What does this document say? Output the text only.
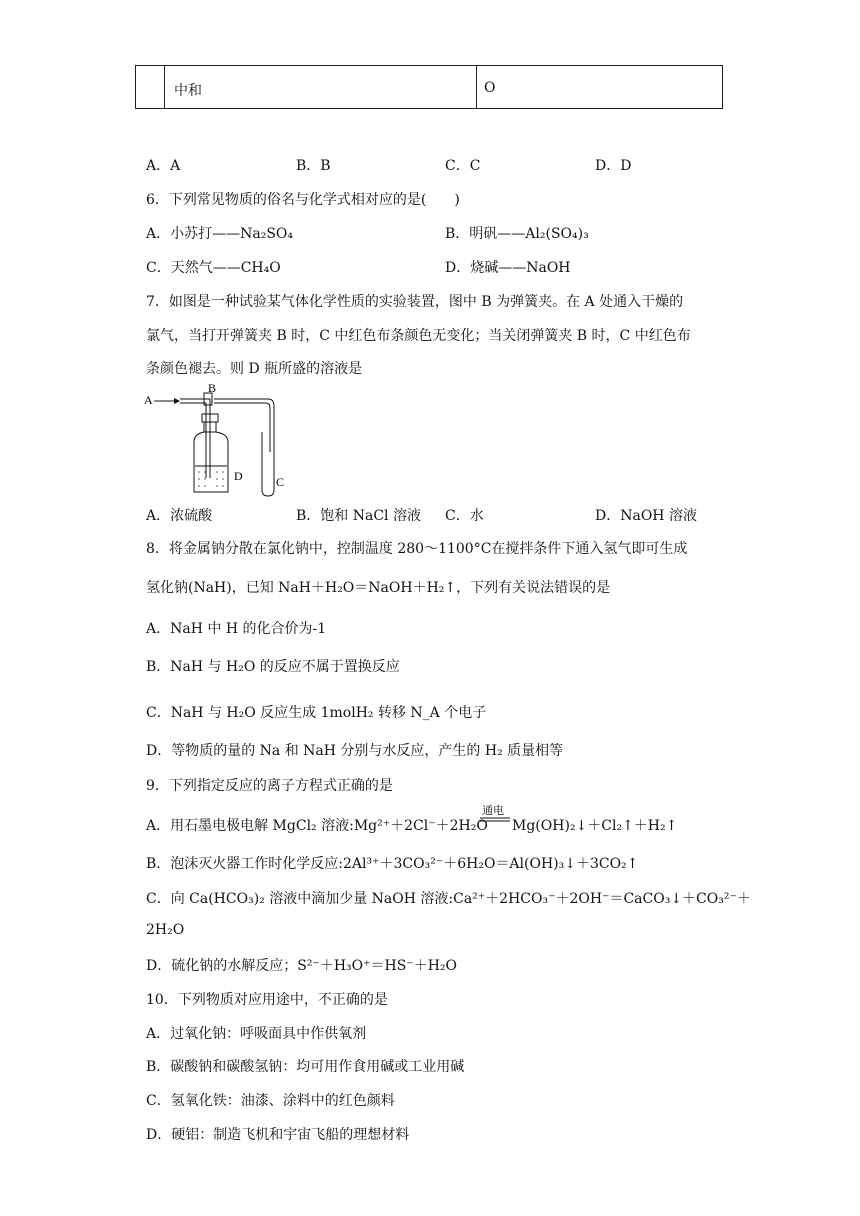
中和	O
A．A	B．B	C．C	D．D
6．下列常见物质的俗名与化学式相对应的是(　　)
A．小苏打——Na₂SO₄	B．明矾——Al₂(SO₄)₃
C．天然气——CH₄O	D．烧碱——NaOH
7．如图是一种试验某气体化学性质的实验装置，图中 B 为弹簧夹。在 A 处通入干燥的
氯气，当打开弹簧夹 B 时，C 中红色布条颜色无变化；当关闭弹簧夹 B 时，C 中红色布
条颜色褪去。则 D 瓶所盛的溶液是
A
B
D	C
A．浓硫酸	B．饱和 NaCl 溶液 C．水	D．NaOH 溶液
8．将金属钠分散在氯化钠中，控制温度 280～1100°C在搅拌条件下通入氢气即可生成
氢化钠(NaH)，已知 NaH＋H₂O＝NaOH＋H₂↑，下列有关说法错误的是
A．NaH 中 H 的化合价为-1
B．NaH 与 H₂O 的反应不属于置换反应
C．NaH 与 H₂O 反应生成 1molH₂ 转移 N_A 个电子
D．等物质的量的 Na 和 NaH 分别与水反应，产生的 H₂ 质量相等
9．下列指定反应的离子方程式正确的是
A．用石墨电极电解 MgCl₂ 溶液:Mg²⁺＋2Cl⁻＋2H₂O
通电
Mg(OH)₂↓＋Cl₂↑＋H₂↑
B．泡沫灭火器工作时化学反应:2Al³⁺＋3CO₃²⁻＋6H₂O＝Al(OH)₃↓＋3CO₂↑
C．向 Ca(HCO₃)₂ 溶液中滴加少量 NaOH 溶液:Ca²⁺＋2HCO₃⁻＋2OH⁻＝CaCO₃↓＋CO₃²⁻＋
2H₂O
D．硫化钠的水解反应；S²⁻＋H₃O⁺＝HS⁻＋H₂O
10．下列物质对应用途中，不正确的是
A．过氧化钠：呼吸面具中作供氧剂
B．碳酸钠和碳酸氢钠：均可用作食用碱或工业用碱
C．氢氧化铁：油漆、涂料中的红色颜料
D．硬铝：制造飞机和宇宙飞船的理想材料
